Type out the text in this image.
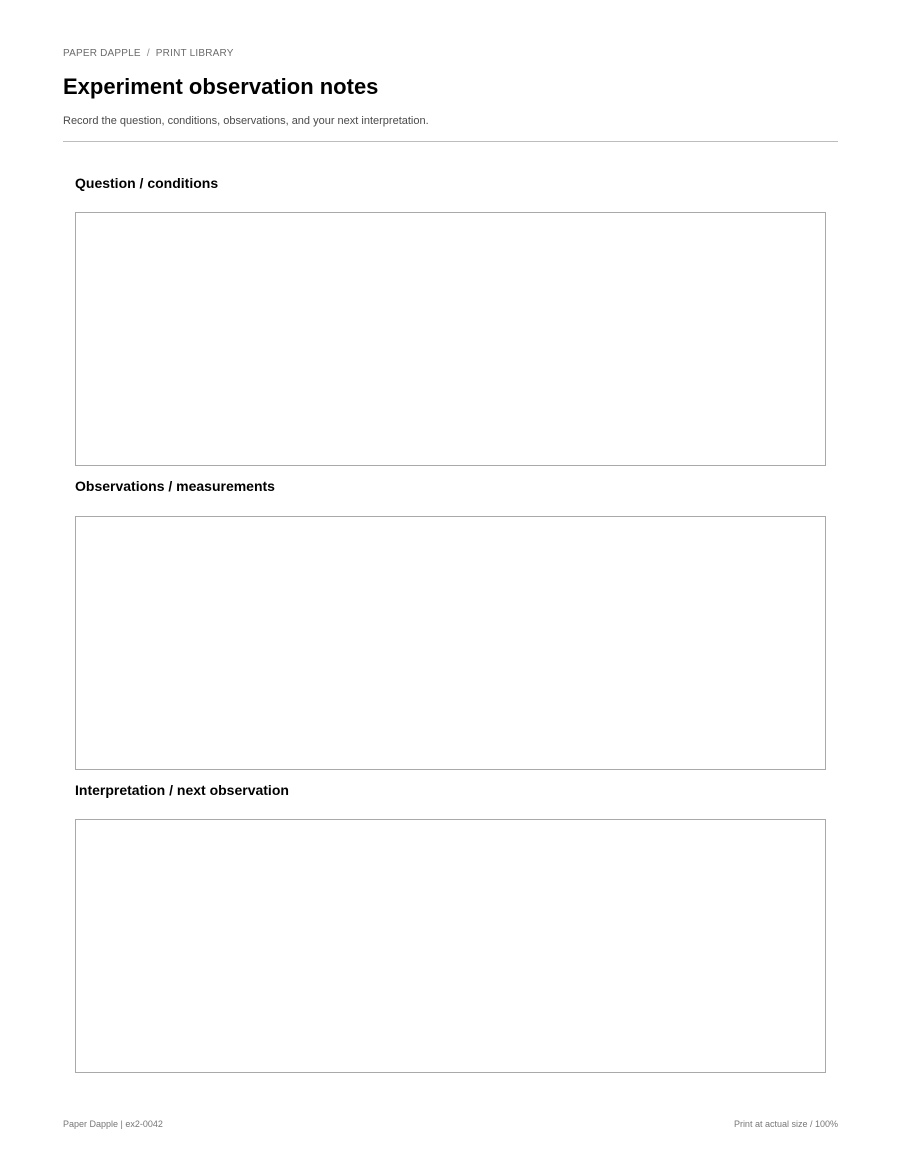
PAPER DAPPLE / PRINT LIBRARY
Experiment observation notes
Record the question, conditions, observations, and your next interpretation.
Question / conditions
Observations / measurements
Interpretation / next observation
Paper Dapple | ex2-0042	Print at actual size / 100%
